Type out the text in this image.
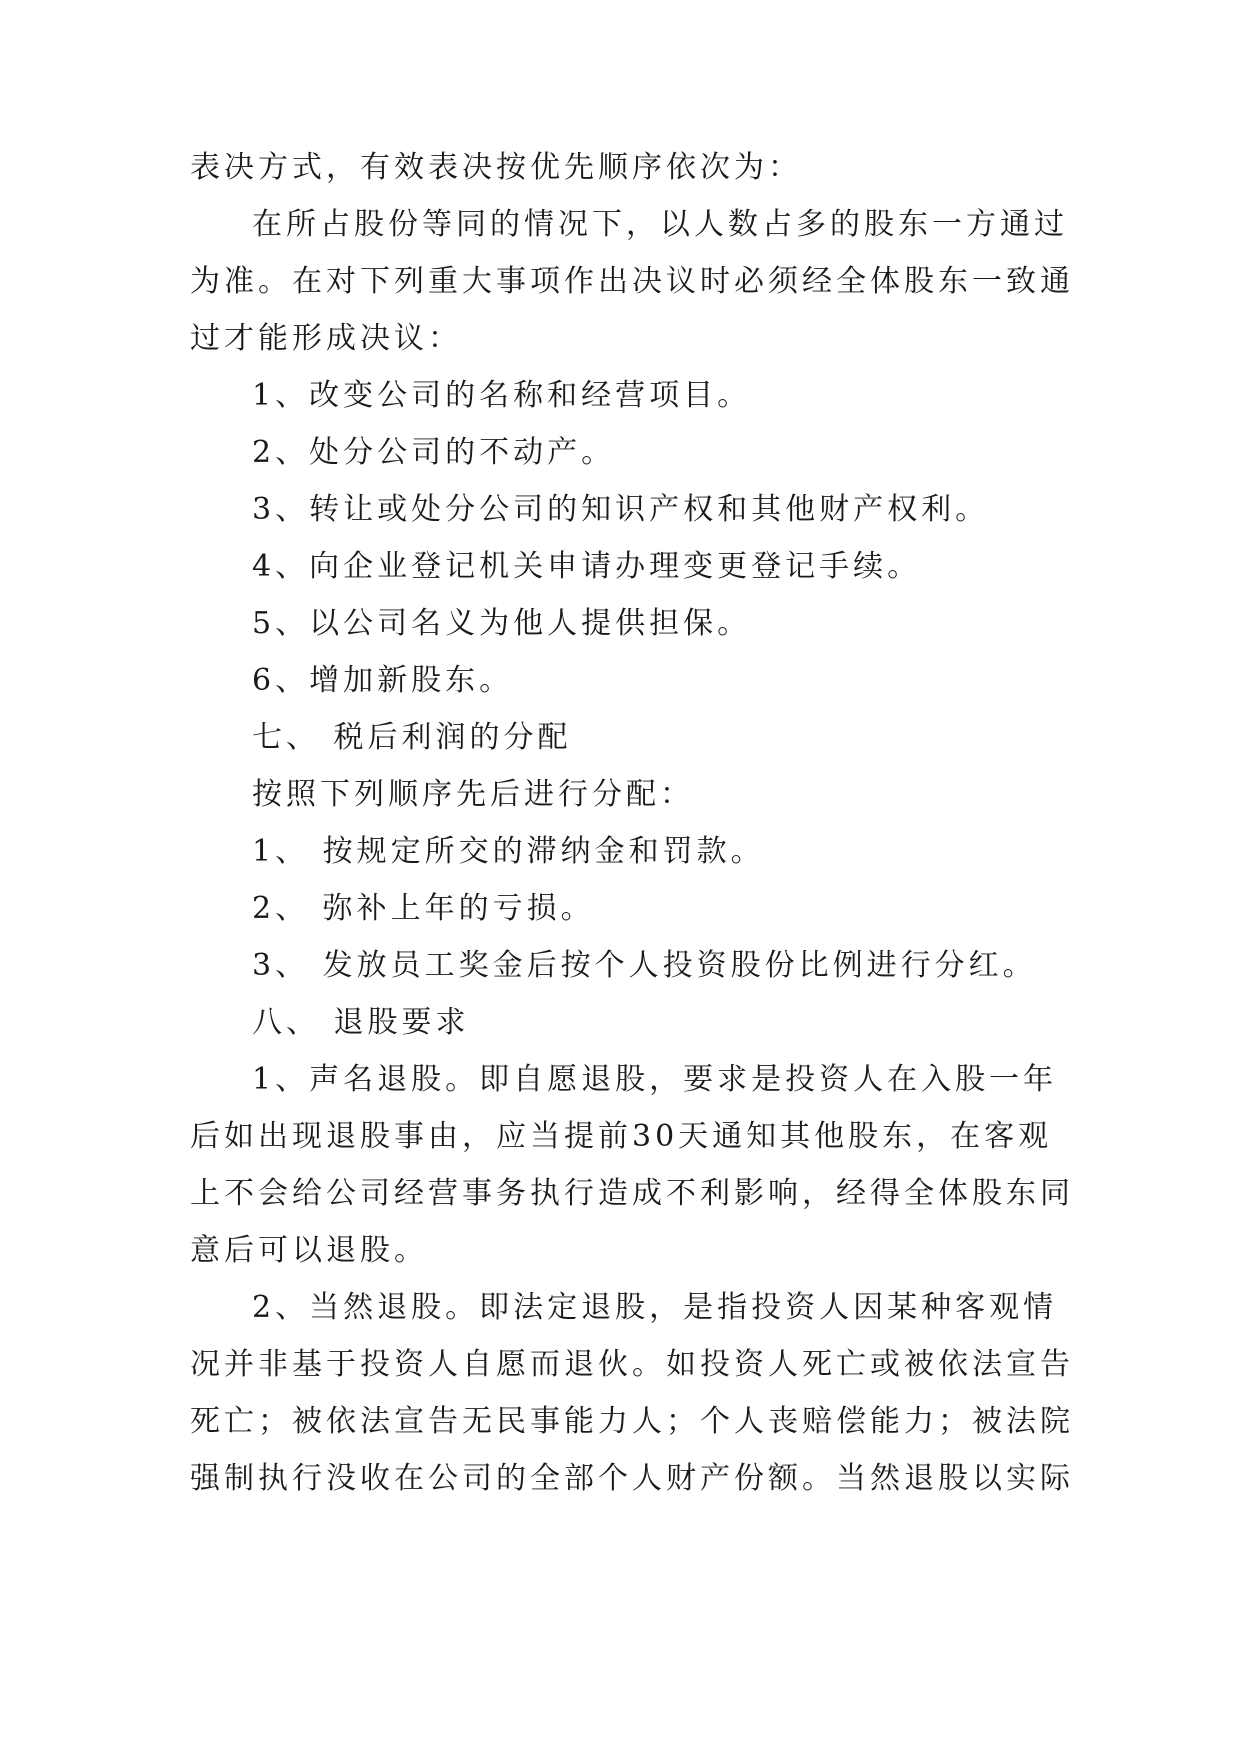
表决方式，有效表决按优先顺序依次为：
在所占股份等同的情况下，以人数占多的股东一方通过
为准。在对下列重大事项作出决议时必须经全体股东一致通
过才能形成决议：
1、改变公司的名称和经营项目。
2、处分公司的不动产。
3、转让或处分公司的知识产权和其他财产权利。
4、向企业登记机关申请办理变更登记手续。
5、以公司名义为他人提供担保。
6、增加新股东。
七、 税后利润的分配
按照下列顺序先后进行分配：
1、 按规定所交的滞纳金和罚款。
2、 弥补上年的亏损。
3、 发放员工奖金后按个人投资股份比例进行分红。
八、 退股要求
1、声名退股。即自愿退股，要求是投资人在入股一年
后如出现退股事由，应当提前30天通知其他股东，在客观
上不会给公司经营事务执行造成不利影响，经得全体股东同
意后可以退股。
2、当然退股。即法定退股，是指投资人因某种客观情
况并非基于投资人自愿而退伙。如投资人死亡或被依法宣告
死亡；被依法宣告无民事能力人；个人丧赔偿能力；被法院
强制执行没收在公司的全部个人财产份额。当然退股以实际
